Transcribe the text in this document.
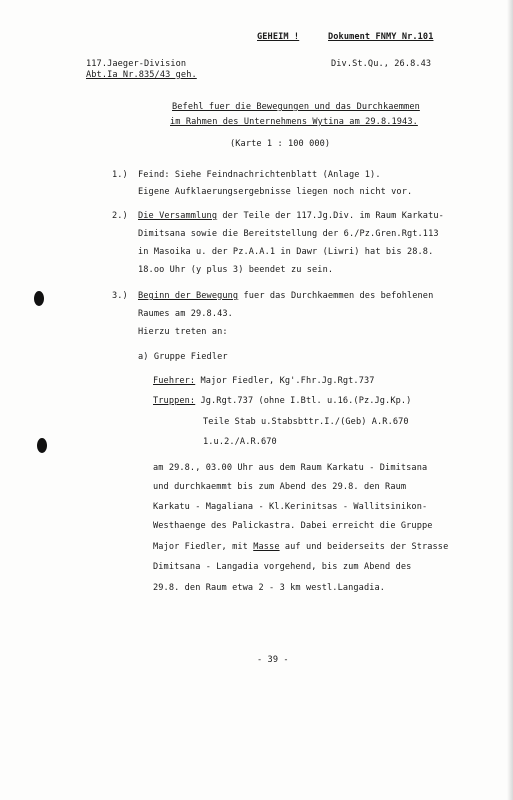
GEHEIM !	Dokument FNMY Nr.101
117.Jaeger-Division
Abt.Ia Nr.835/43 geh.
Div.St.Qu., 26.8.43
Befehl fuer die Bewegungen und das Durchkaemmen
im Rahmen des Unternehmens Wytina am 29.8.1943.
(Karte 1 : 100 000)
1.) Feind: Siehe Feindnachrichtenblatt (Anlage 1).
Eigene Aufklaerungsergebnisse liegen noch nicht vor.
2.) Die Versammlung der Teile der 117.Jg.Div. im Raum Karkatu-
Dimitsana sowie die Bereitstellung der 6./Pz.Gren.Rgt.113
in Masoika u. der Pz.A.A.1 in Dawr (Liwri) hat bis 28.8.
18.oo Uhr (y plus 3) beendet zu sein.
3.) Beginn der Bewegung fuer das Durchkaemmen des befohlenen
Raumes am 29.8.43.
Hierzu treten an:
a) Gruppe Fiedler
Fuehrer: Major Fiedler, Kg'.Fhr.Jg.Rgt.737
Truppen: Jg.Rgt.737 (ohne I.Btl. u.16.(Pz.Jg.Kp.)
Teile Stab u.Stabsbttr.I./(Geb) A.R.670
1.u.2./A.R.670
am 29.8., 03.00 Uhr aus dem Raum Karkatu - Dimitsana
und durchkaemmt bis zum Abend des 29.8. den Raum
Karkatu - Magaliana - Kl.Kerinitsas - Wallitsinikon-
Westhaenge des Palickastra. Dabei erreicht die Gruppe
Major Fiedler, mit Masse auf und beiderseits der Strasse
Dimitsana - Langadia vorgehend, bis zum Abend des
29.8. den Raum etwa 2 - 3 km westl.Langadia.
- 39 -
